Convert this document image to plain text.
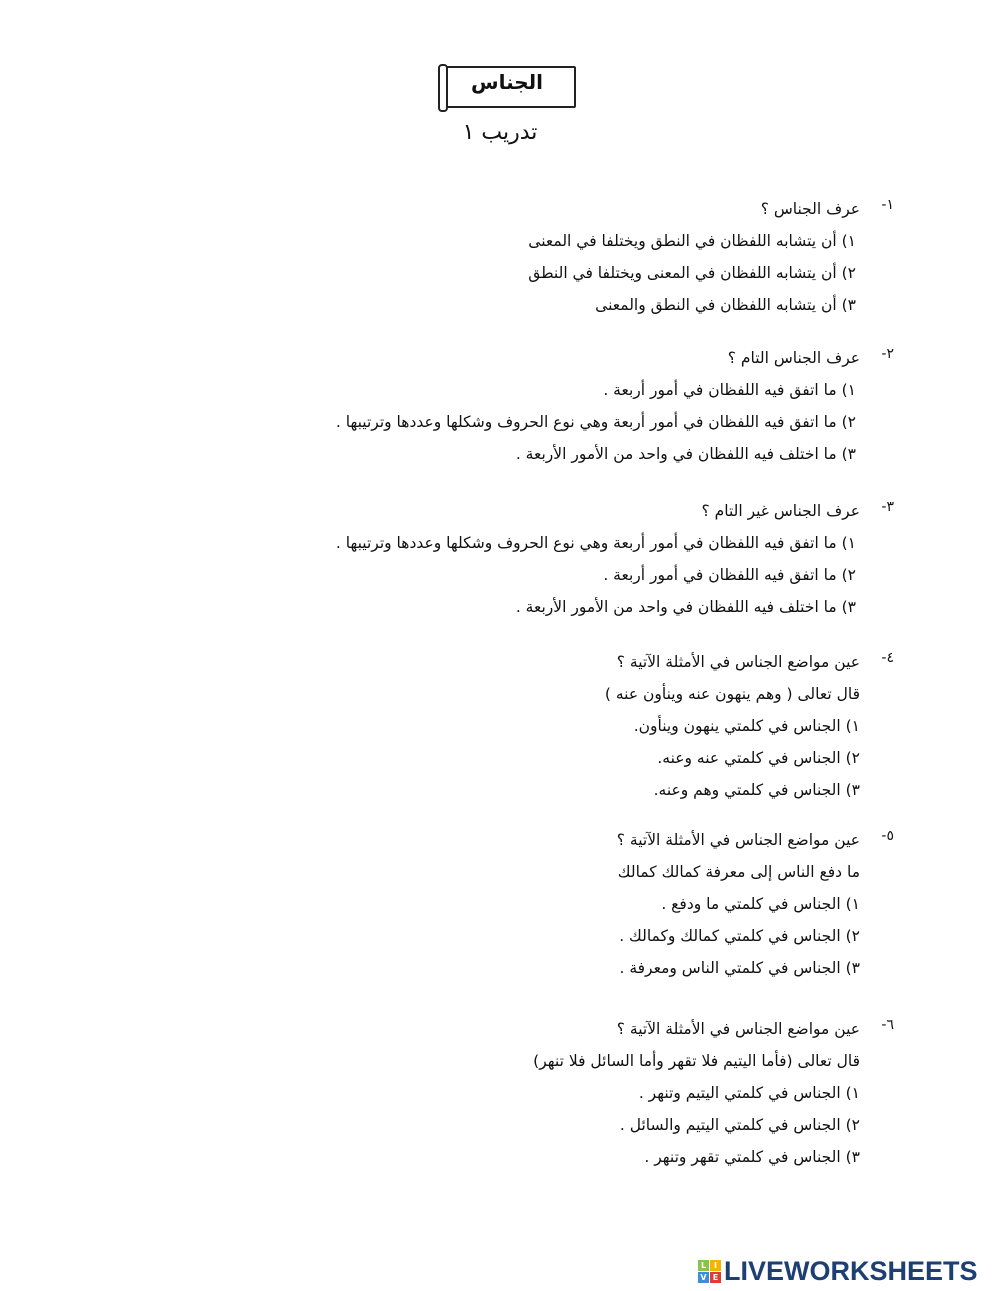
الجناس
تدريب ١
١-
عرف الجناس ؟
١) أن يتشابه اللفظان في النطق ويختلفا في المعنى
٢) أن يتشابه اللفظان في المعنى ويختلفا في النطق
٣) أن يتشابه اللفظان في النطق والمعنى
٢-
عرف الجناس التام ؟
١) ما اتفق فيه اللفظان في أمور أربعة .
٢) ما اتفق فيه اللفظان في أمور أربعة وهي نوع الحروف وشكلها وعددها وترتيبها .
٣) ما اختلف فيه اللفظان في واحد من الأمور الأربعة .
٣-
عرف الجناس غير التام ؟
١) ما اتفق فيه اللفظان في أمور أربعة وهي نوع الحروف وشكلها وعددها وترتيبها .
٢) ما اتفق فيه اللفظان في أمور أربعة .
٣) ما اختلف فيه اللفظان في واحد من الأمور الأربعة .
٤-
عين مواضع الجناس في الأمثلة الآتية ؟
قال تعالى ( وهم ينهون عنه وينأون عنه )
١) الجناس في كلمتي ينهون وينأون.
٢) الجناس في كلمتي عنه وعنه.
٣) الجناس في كلمتي وهم وعنه.
٥-
عين مواضع الجناس في الأمثلة الآتية ؟
ما دفع الناس إلى معرفة كمالك كمالك
١) الجناس في كلمتي ما ودفع .
٢) الجناس في كلمتي كمالك وكمالك .
٣) الجناس في كلمتي الناس ومعرفة .
٦-
عين مواضع الجناس في الأمثلة الآتية ؟
قال تعالى (فأما اليتيم فلا تقهر وأما السائل فلا تنهر)
١) الجناس في كلمتي اليتيم وتنهر .
٢) الجناس في كلمتي اليتيم والسائل .
٣) الجناس في كلمتي تقهر وتنهر .
L I
V E LIVEWORKSHEETS
